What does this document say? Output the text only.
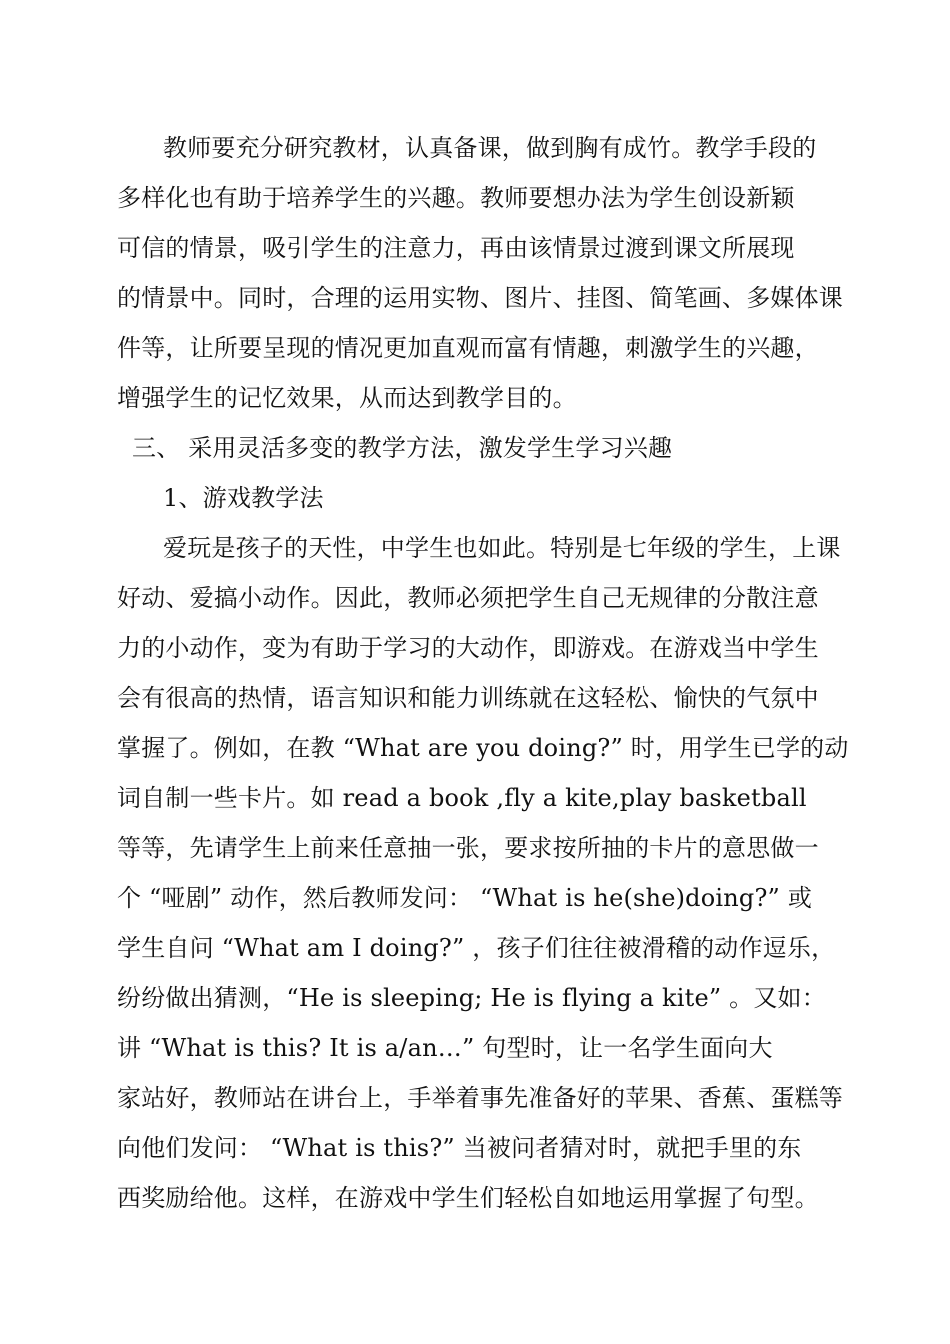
教师要充分研究教材，认真备课，做到胸有成竹。教学手段的

多样化也有助于培养学生的兴趣。教师要想办法为学生创设新颖

可信的情景，吸引学生的注意力，再由该情景过渡到课文所展现

的情景中。同时，合理的运用实物、图片、挂图、简笔画、多媒体课

件等，让所要呈现的情况更加直观而富有情趣，刺激学生的兴趣，

增强学生的记忆效果，从而达到教学目的。

三、 采用灵活多变的教学方法，激发学生学习兴趣

1、游戏教学法

爱玩是孩子的天性，中学生也如此。特别是七年级的学生，上课

好动、爱搞小动作。因此，教师必须把学生自己无规律的分散注意

力的小动作，变为有助于学习的大动作，即游戏。在游戏当中学生

会有很高的热情，语言知识和能力训练就在这轻松、愉快的气氛中

掌握了。例如，在教 “What are you doing?” 时，用学生已学的动

词自制一些卡片。如 read a book ,fly a kite,play basketball

等等，先请学生上前来任意抽一张，要求按所抽的卡片的意思做一

个 “哑剧” 动作，然后教师发问： “What is he(she)doing?” 或

学生自问 “What am I doing?” ，孩子们往往被滑稽的动作逗乐，

纷纷做出猜测，“He is sleeping; He is flying a kite” 。又如：

讲 “What is this? It is a/an…” 句型时，让一名学生面向大

家站好，教师站在讲台上，手举着事先准备好的苹果、香蕉、蛋糕等

向他们发问： “What is this?” 当被问者猜对时，就把手里的东

西奖励给他。这样，在游戏中学生们轻松自如地运用掌握了句型。
